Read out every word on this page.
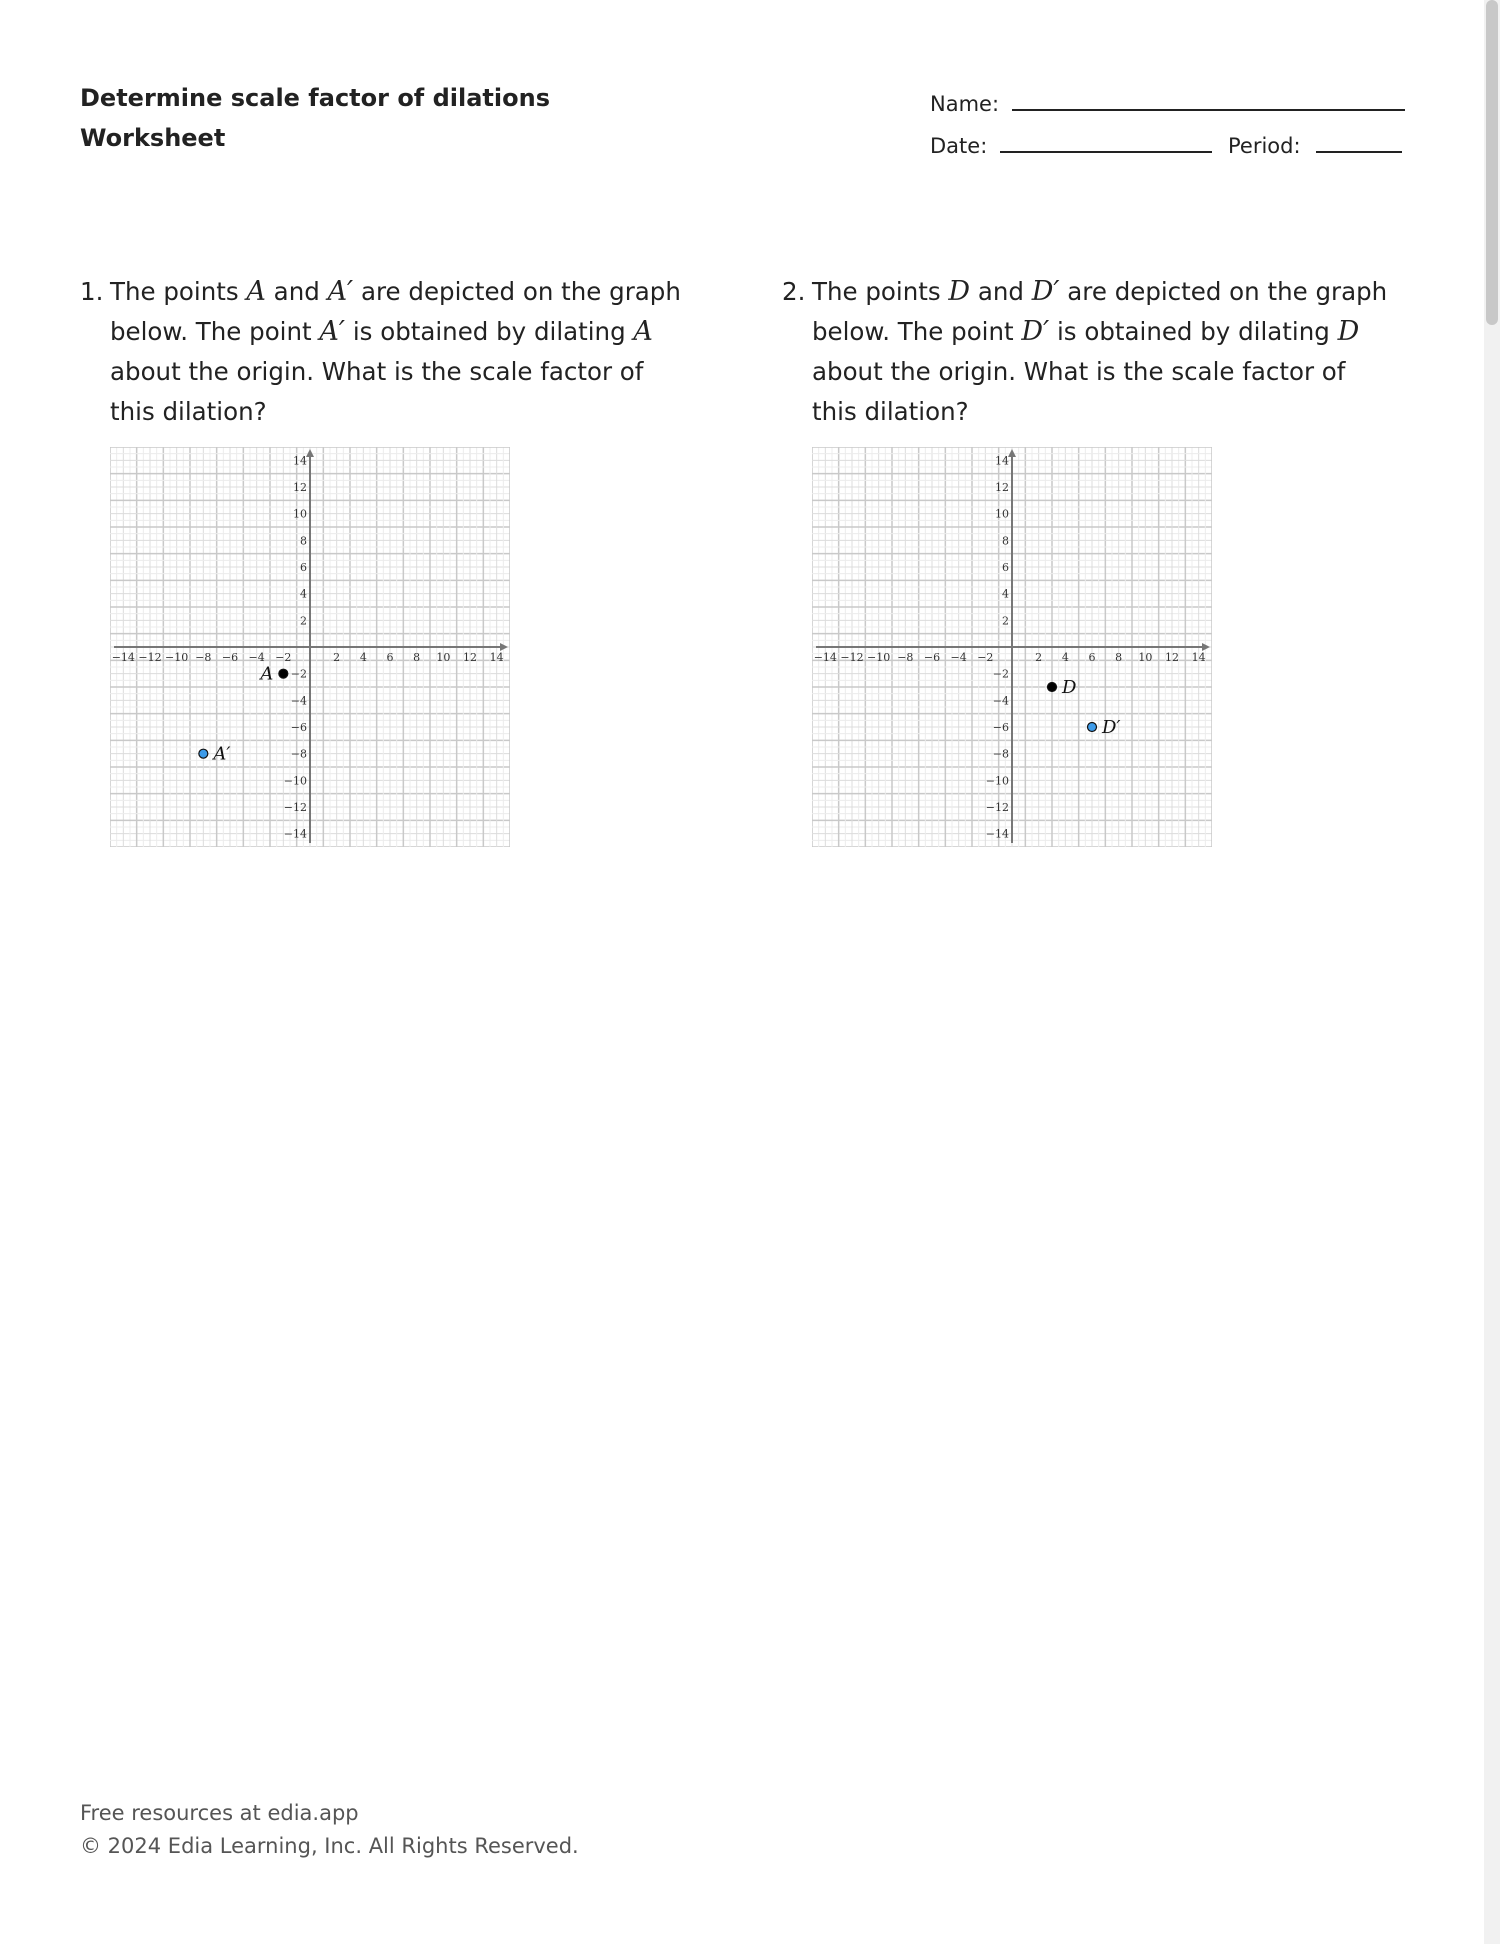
Determine scale factor of dilations
Worksheet
Name:
Date:	Period:
1. The points A and A′ are depicted on the graph below. The point A′ is obtained by dilating A about the origin. What is the scale factor of this dilation?
2. The points D and D′ are depicted on the graph below. The point D′ is obtained by dilating D about the origin. What is the scale factor of this dilation?
−14 −12 −10 −8 −6 −4 −2	2 4 6 8 10 12 14
14
12
10
8
6
4
2
−2
−4
−6
−8
−10
−12
−14
A
A′
−14 −12 −10 −8 −6 −4 −2	2 4 6 8 10 12 14
14
12
10
8
6
4
2
−2
−4
−6
−8
−10
−12
−14
D
D′
Free resources at edia.app
© 2024 Edia Learning, Inc. All Rights Reserved.
